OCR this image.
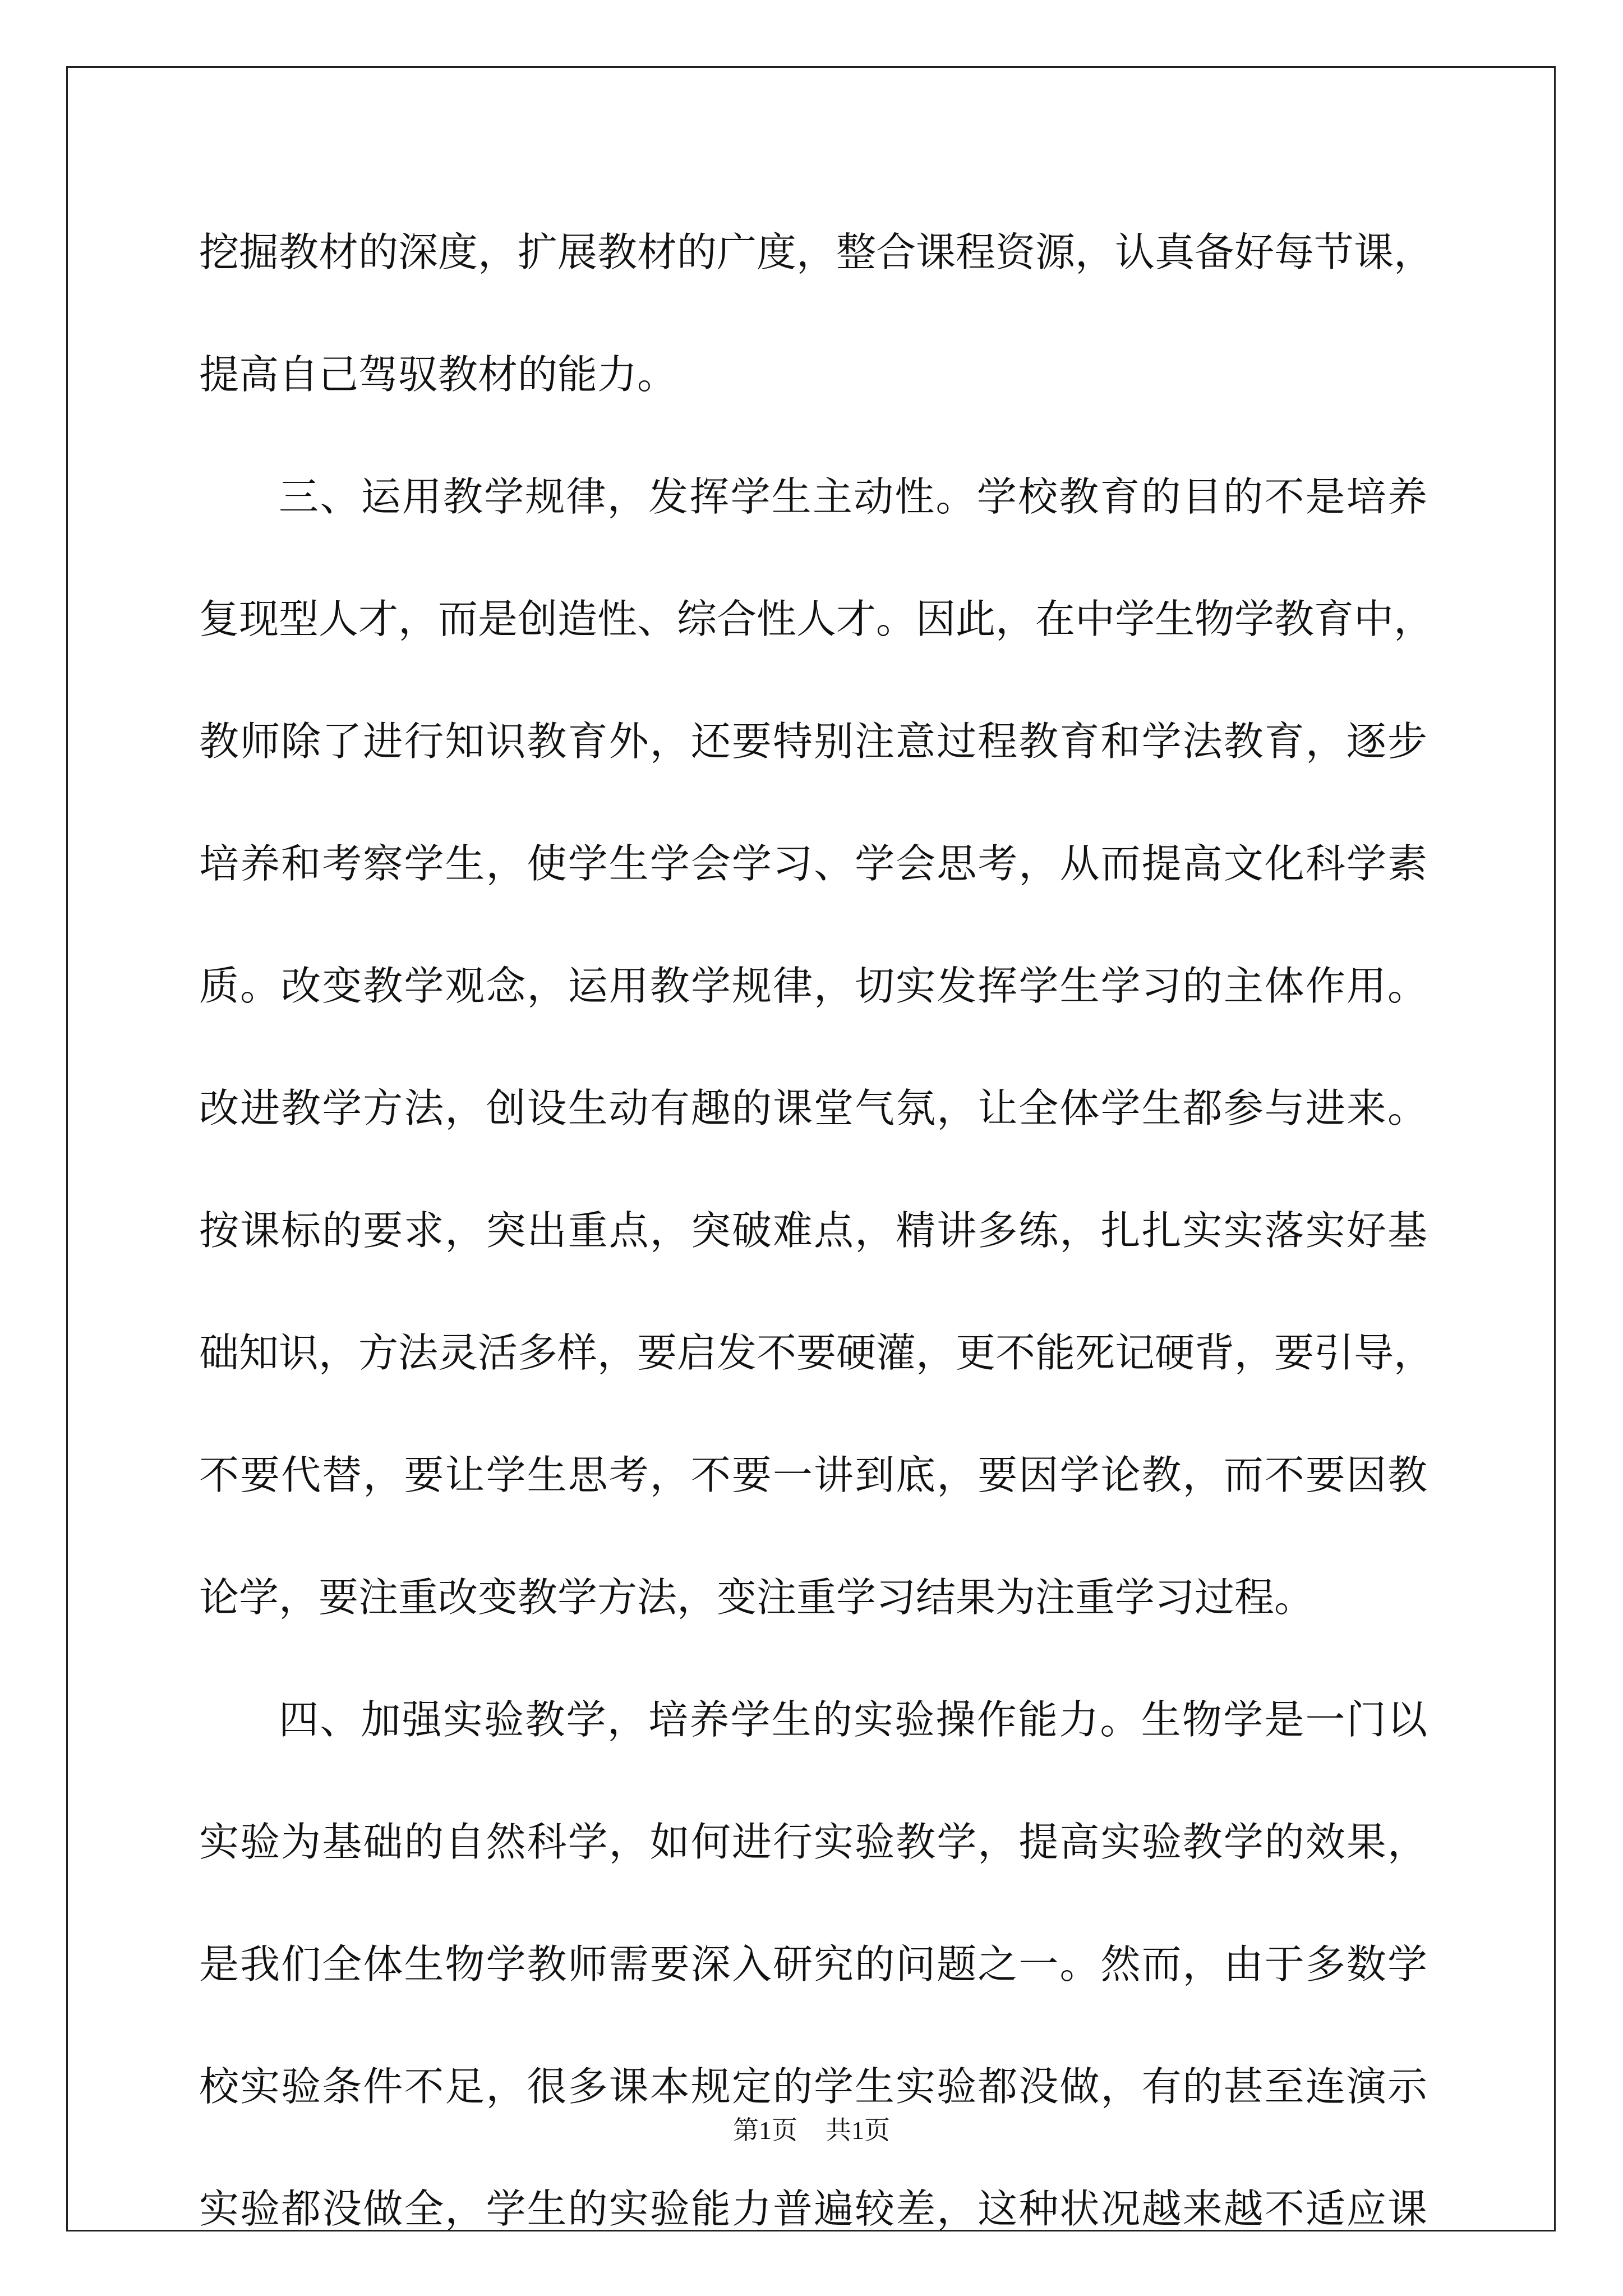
挖掘教材的深度，扩展教材的广度，整合课程资源，认真备好每节课，
提高自己驾驭教材的能力。
三、运用教学规律，发挥学生主动性。学校教育的目的不是培养
复现型人才，而是创造性、综合性人才。因此，在中学生物学教育中，
教师除了进行知识教育外，还要特别注意过程教育和学法教育，逐步
培养和考察学生，使学生学会学习、学会思考，从而提高文化科学素
质。改变教学观念，运用教学规律，切实发挥学生学习的主体作用。
改进教学方法，创设生动有趣的课堂气氛，让全体学生都参与进来。
按课标的要求，突出重点，突破难点，精讲多练，扎扎实实落实好基
础知识，方法灵活多样，要启发不要硬灌，更不能死记硬背，要引导，
不要代替，要让学生思考，不要一讲到底，要因学论教，而不要因教
论学，要注重改变教学方法，变注重学习结果为注重学习过程。
四、加强实验教学，培养学生的实验操作能力。生物学是一门以
实验为基础的自然科学，如何进行实验教学，提高实验教学的效果，
是我们全体生物学教师需要深入研究的问题之一。然而，由于多数学
校实验条件不足，很多课本规定的学生实验都没做，有的甚至连演示
实验都没做全，学生的实验能力普遍较差，这种状况越来越不适应课
第1页 共1页
